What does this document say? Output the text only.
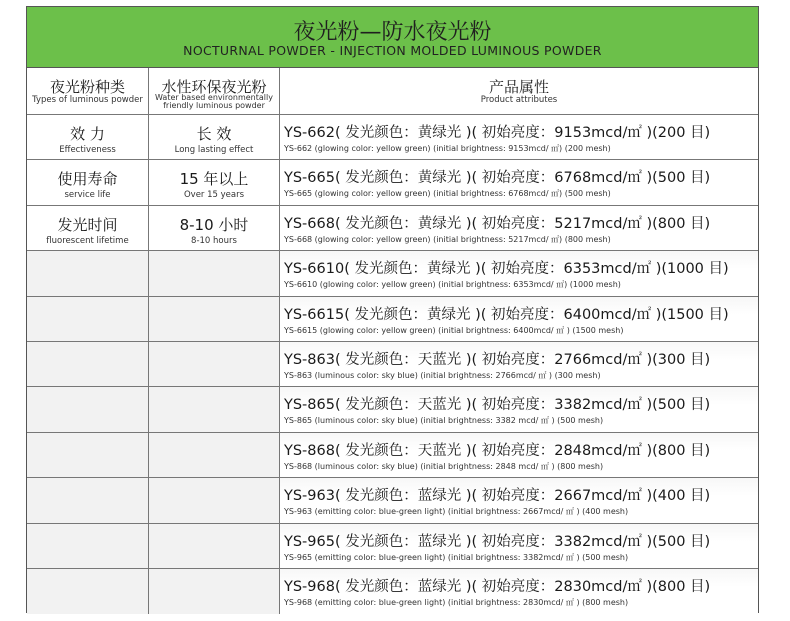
夜光粉—防水夜光粉
NOCTURNAL POWDER - INJECTION MOLDED LUMINOUS POWDER
夜光粉种类
Types of luminous powder
水性环保夜光粉
Water based environmentally friendly luminous powder
产品属性
Product attributes
效 力
Effectiveness
长 效
Long lasting effect
YS-662( 发光颜色：黄绿光 )( 初始亮度：9153mcd/㎡ )(200 目)
YS-662 (glowing color: yellow green) (initial brightness: 9153mcd/ ㎡) (200 mesh)
使用寿命
service life
15 年以上
Over 15 years
YS-665( 发光颜色：黄绿光 )( 初始亮度：6768mcd/㎡ )(500 目)
YS-665 (glowing color: yellow green) (initial brightness: 6768mcd/ ㎡) (500 mesh)
发光时间
fluorescent lifetime
8-10 小时
8-10 hours
YS-668( 发光颜色：黄绿光 )( 初始亮度：5217mcd/㎡ )(800 目)
YS-668 (glowing color: yellow green) (initial brightness: 5217mcd/ ㎡) (800 mesh)
YS-6610( 发光颜色：黄绿光 )( 初始亮度：6353mcd/㎡ )(1000 目)
YS-6610 (glowing color: yellow green) (initial brightness: 6353mcd/ ㎡) (1000 mesh)
YS-6615( 发光颜色：黄绿光 )( 初始亮度：6400mcd/㎡ )(1500 目)
YS-6615 (glowing color: yellow green) (initial brightness: 6400mcd/ ㎡ ) (1500 mesh)
YS-863( 发光颜色：天蓝光 )( 初始亮度：2766mcd/㎡ )(300 目)
YS-863 (luminous color: sky blue) (initial brightness: 2766mcd/ ㎡ ) (300 mesh)
YS-865( 发光颜色：天蓝光 )( 初始亮度：3382mcd/㎡ )(500 目)
YS-865 (luminous color: sky blue) (initial brightness: 3382 mcd/ ㎡ ) (500 mesh)
YS-868( 发光颜色：天蓝光 )( 初始亮度：2848mcd/㎡ )(800 目)
YS-868 (luminous color: sky blue) (initial brightness: 2848 mcd/ ㎡ ) (800 mesh)
YS-963( 发光颜色：蓝绿光 )( 初始亮度：2667mcd/㎡ )(400 目)
YS-963 (emitting color: blue-green light) (initial brightness: 2667mcd/ ㎡ ) (400 mesh)
YS-965( 发光颜色：蓝绿光 )( 初始亮度：3382mcd/㎡ )(500 目)
YS-965 (emitting color: blue-green light) (initial brightness: 3382mcd/ ㎡ ) (500 mesh)
YS-968( 发光颜色：蓝绿光 )( 初始亮度：2830mcd/㎡ )(800 目)
YS-968 (emitting color: blue-green light) (initial brightness: 2830mcd/ ㎡ ) (800 mesh)
